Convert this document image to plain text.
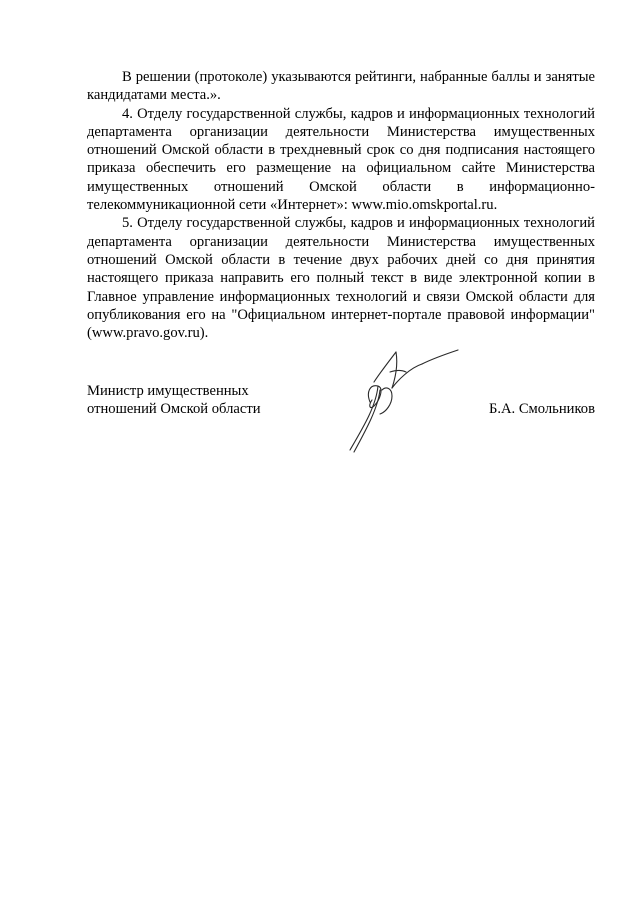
В решении (протоколе) указываются рейтинги, набранные баллы и занятые кандидатами места.».

4. Отделу государственной службы, кадров и информационных технологий департамента организации деятельности Министерства имущественных отношений Омской области в трехдневный срок со дня подписания настоящего приказа обеспечить его размещение на официальном сайте Министерства имущественных отношений Омской области в информационно-телекоммуникационной сети «Интернет»: www.mio.omskportal.ru.

5. Отделу государственной службы, кадров и информационных технологий департамента организации деятельности Министерства имущественных отношений Омской области в течение двух рабочих дней со дня принятия настоящего приказа направить его полный текст в виде электронной копии в Главное управление информационных технологий и связи Омской области для опубликования его на "Официальном интернет-портале правовой информации" (www.pravo.gov.ru).

Министр имущественных
отношений Омской области	Б.А. Смольников
